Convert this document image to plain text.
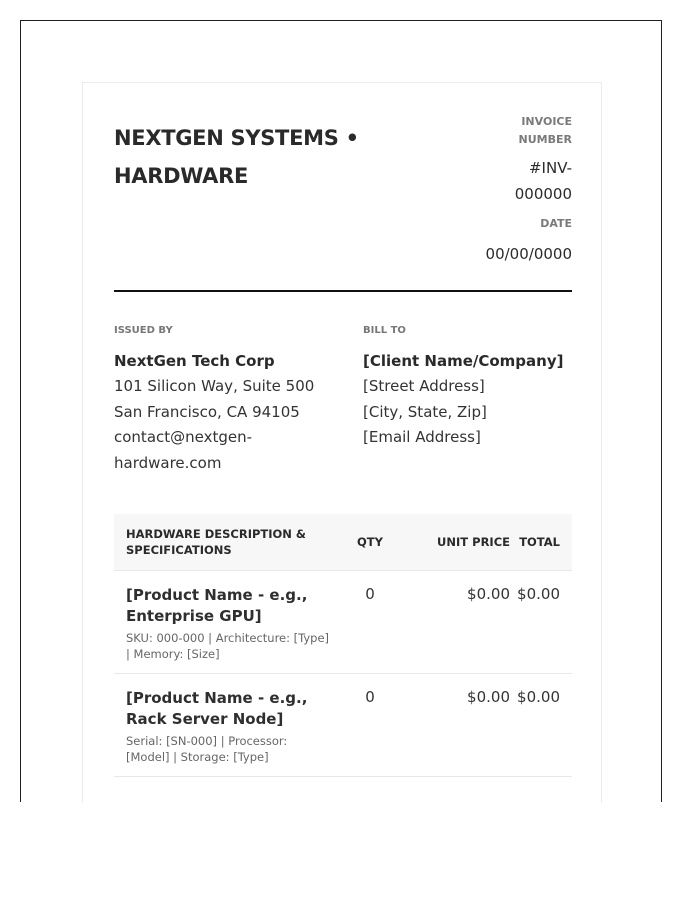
NEXTGEN SYSTEMS • HARDWARE
INVOICE NUMBER
#INV-000000
DATE
00/00/0000
ISSUED BY
NextGen Tech Corp
101 Silicon Way, Suite 500
San Francisco, CA 94105
contact@nextgen-hardware.com
BILL TO
[Client Name/Company]
[Street Address]
[City, State, Zip]
[Email Address]
HARDWARE DESCRIPTION & SPECIFICATIONS	QTY	UNIT PRICE	TOTAL

[Product Name - e.g., Enterprise GPU]
SKU: 000-000 | Architecture: [Type] | Memory: [Size]	0	$0.00	$0.00

[Product Name - e.g., Rack Server Node]
Serial: [SN-000] | Processor: [Model] | Storage: [Type]	0	$0.00	$0.00
